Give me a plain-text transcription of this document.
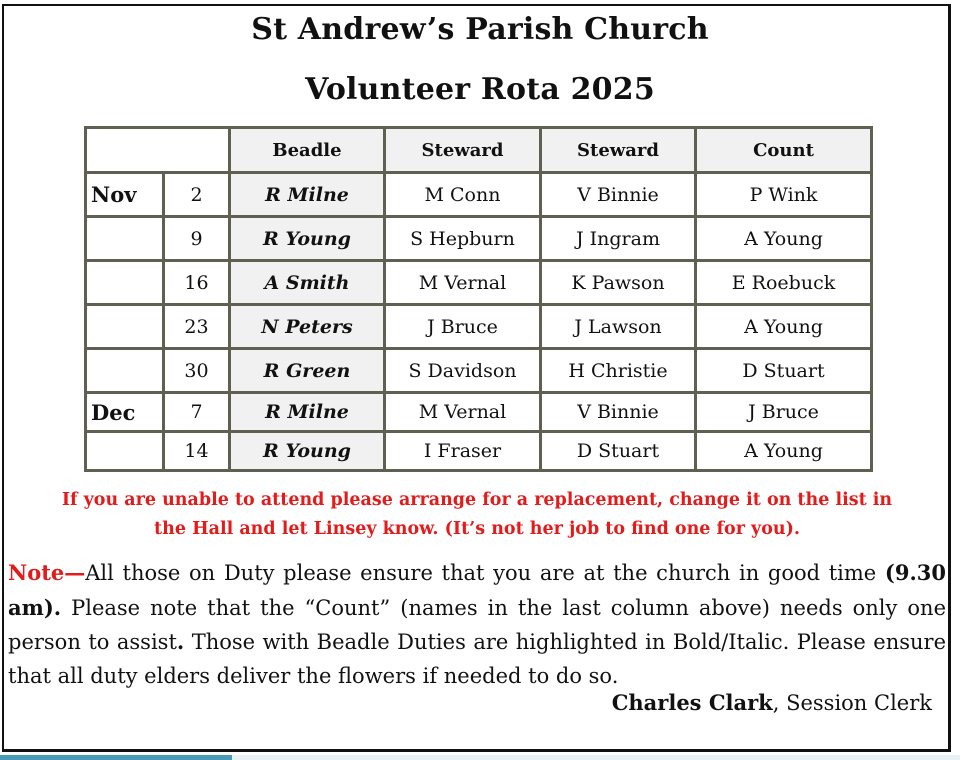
St Andrew’s Parish Church
Volunteer Rota 2025
		Beadle	Steward	Steward	Count
Nov	2	R Milne	M Conn	V Binnie	P Wink
	9	R Young	S Hepburn	J Ingram	A Young
	16	A Smith	M Vernal	K Pawson	E Roebuck
	23	N Peters	J Bruce	J Lawson	A Young
	30	R Green	S Davidson	H Christie	D Stuart
Dec	7	R Milne	M Vernal	V Binnie	J Bruce
	14	R Young	I Fraser	D Stuart	A Young
If you are unable to attend please arrange for a replacement, change it on the list in
the Hall and let Linsey know. (It’s not her job to find one for you).
Note—All those on Duty please ensure that you are at the church in good time (9.30 am). Please note that the “Count” (names in the last column above) needs only one person to assist. Those with Beadle Duties are highlighted in Bold/Italic. Please ensure that all duty elders deliver the flowers if needed to do so.
Charles Clark, Session Clerk
